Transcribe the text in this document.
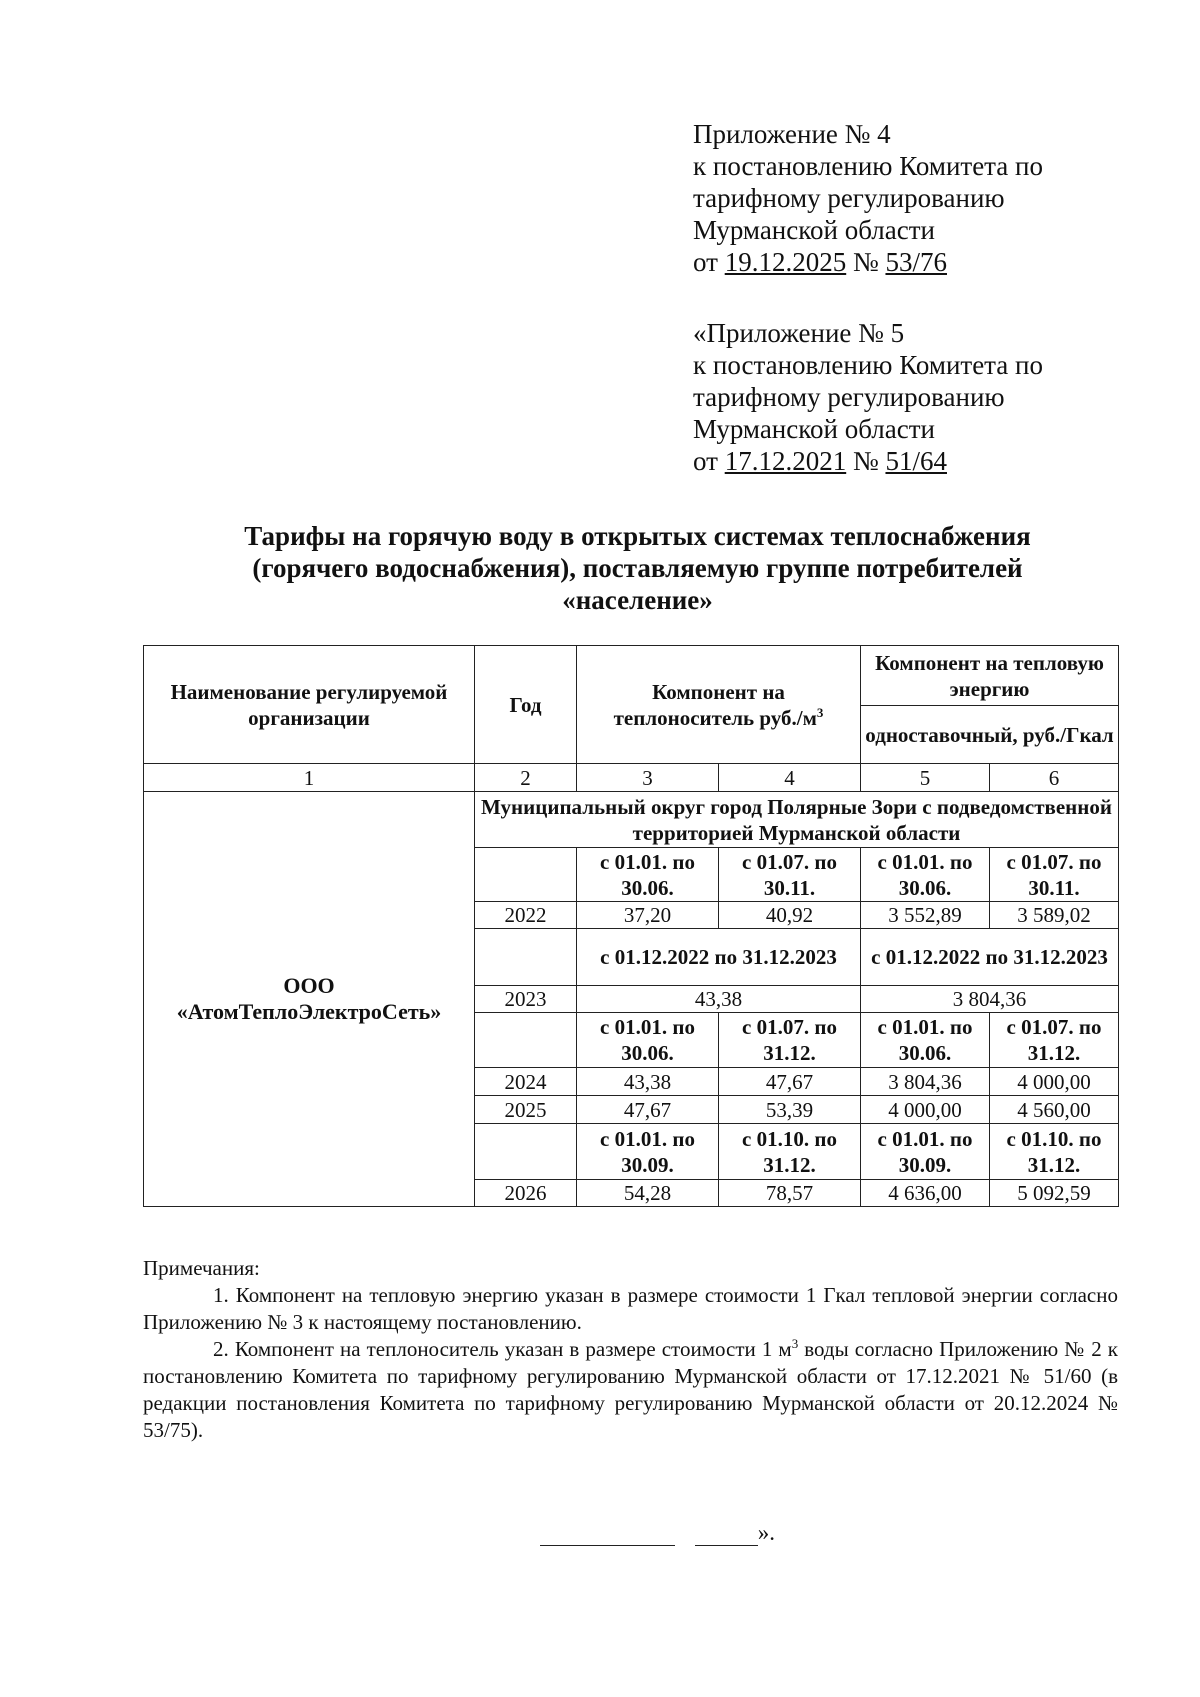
Приложение № 4
к постановлению Комитета по
тарифному регулированию
Мурманской области
от 19.12.2025 № 53/76
«Приложение № 5
к постановлению Комитета по
тарифному регулированию
Мурманской области
от 17.12.2021 № 51/64
Тарифы на горячую воду в открытых системах теплоснабжения
(горячего водоснабжения), поставляемую группе потребителей
«население»
Наименование регулируемой организации	Год	Компонент на теплоноситель $руб./м^3$		Компонент на тепловую энергию	
				одноставочный, руб./Гкал	
1	2	3	4	5	6

ООО
«АтомТеплоЭлектроСеть»	Муниципальный округ город Полярные Зори с подведомственной территорией Мурманской области				
		с 01.01. по 30.06.	с 01.07. по 30.11.	с 01.01. по 30.06.	с 01.07. по 30.11.
	2022	37,20	40,92	3 552,89	3 589,02
		с 01.12.2022 по 31.12.2023		с 01.12.2022 по 31.12.2023	
	2023	43,38		3 804,36	
		с 01.01. по 30.06.	с 01.07. по 31.12.	с 01.01. по 30.06.	с 01.07. по 31.12.
	2024	43,38	47,67	3 804,36	4 000,00
	2025	47,67	53,39	4 000,00	4 560,00
		с 01.01. по 30.09.	с 01.10. по 31.12.	с 01.01. по 30.09.	с 01.10. по 31.12.
	2026	54,28	78,57	4 636,00	5 092,59

Примечания:

1. Компонент на тепловую энергию указан в размере стоимости 1 Гкал тепловой энергии согласно Приложению № 3 к настоящему постановлению.

2. Компонент на теплоноситель указан в размере стоимости 1 $м^3$ воды согласно Приложению № 2 к постановлению Комитета по тарифному регулированию Мурманской области от 17.12.2021 № 51/60 (в редакции постановления Комитета по тарифному регулированию Мурманской области от 20.12.2024 № 53/75).

».
